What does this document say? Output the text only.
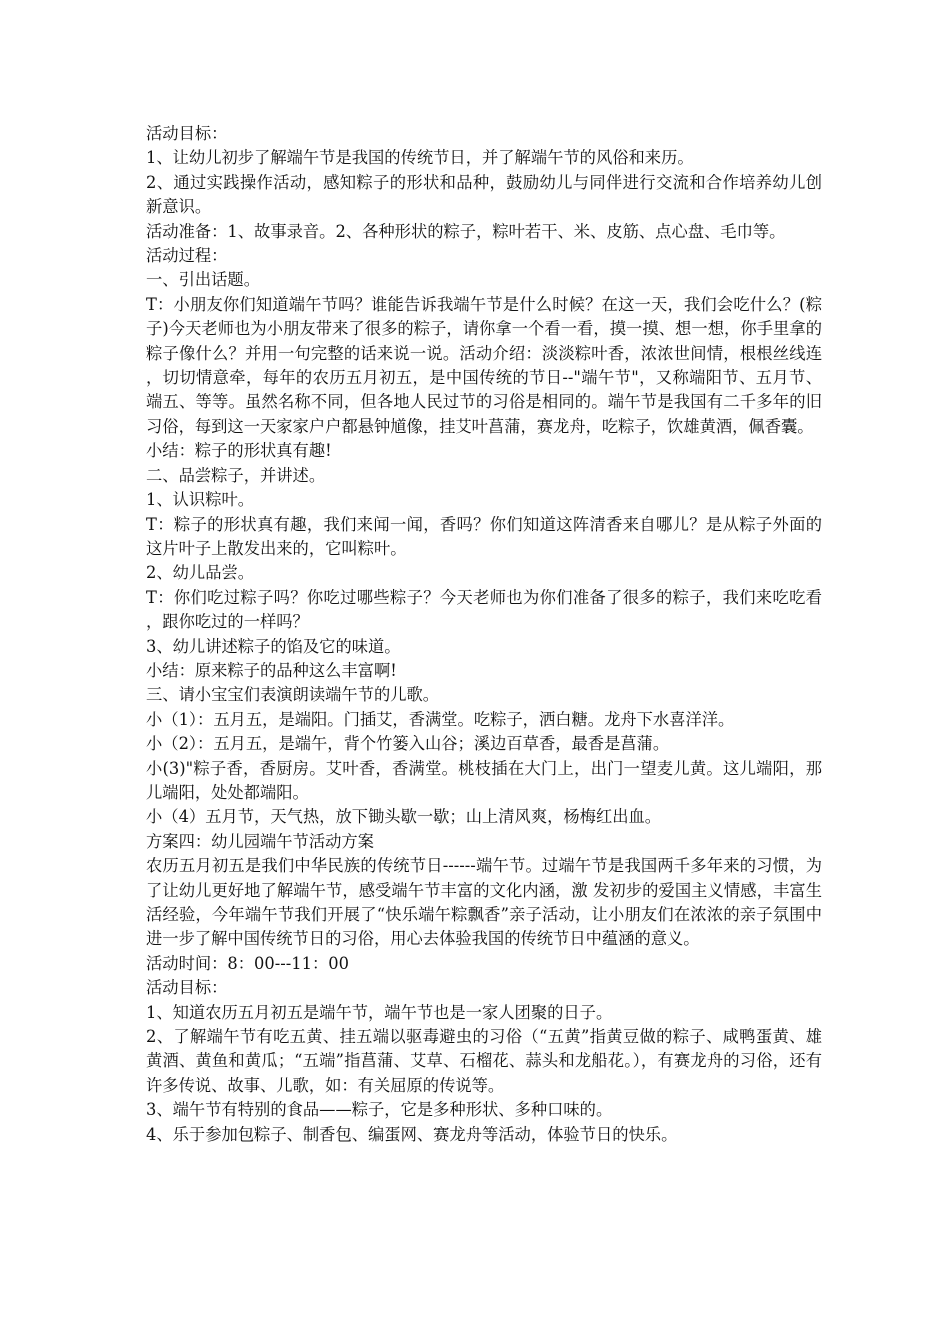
活动目标：

1、让幼儿初步了解端午节是我国的传统节日，并了解端午节的风俗和来历。

2、通过实践操作活动，感知粽子的形状和品种，鼓励幼儿与同伴进行交流和合作培养幼儿创新意识。

活动准备：1、故事录音。2、各种形状的粽子，粽叶若干、米、皮筋、点心盘、毛巾等。

活动过程：

一、引出话题。

T：小朋友你们知道端午节吗？谁能告诉我端午节是什么时候？在这一天，我们会吃什么？(粽子)今天老师也为小朋友带来了很多的粽子，请你拿一个看一看，摸一摸、想一想，你手里拿的粽子像什么？并用一句完整的话来说一说。活动介绍：淡淡粽叶香，浓浓世间情，根根丝线连，切切情意牵，每年的农历五月初五，是中国传统的节日--"端午节"，又称端阳节、五月节、端五、等等。虽然名称不同，但各地人民过节的习俗是相同的。端午节是我国有二千多年的旧习俗，每到这一天家家户户都悬钟馗像，挂艾叶菖蒲，赛龙舟，吃粽子，饮雄黄酒，佩香囊。

小结：粽子的形状真有趣!

二、品尝粽子，并讲述。

1、认识粽叶。

T：粽子的形状真有趣，我们来闻一闻，香吗？你们知道这阵清香来自哪儿？是从粽子外面的这片叶子上散发出来的，它叫粽叶。

2、幼儿品尝。

T：你们吃过粽子吗？你吃过哪些粽子？今天老师也为你们准备了很多的粽子，我们来吃吃看，跟你吃过的一样吗？

3、幼儿讲述粽子的馅及它的味道。

小结：原来粽子的品种这么丰富啊!

三、请小宝宝们表演朗读端午节的儿歌。

小（1）：五月五，是端阳。门插艾，香满堂。吃粽子，洒白糖。龙舟下水喜洋洋。

小（2）：五月五，是端午，背个竹篓入山谷；溪边百草香，最香是菖蒲。

小(3)"粽子香，香厨房。艾叶香，香满堂。桃枝插在大门上，出门一望麦儿黄。这儿端阳，那儿端阳，处处都端阳。

小（4）五月节，天气热，放下锄头歇一歇；山上清风爽，杨梅红出血。

方案四：幼儿园端午节活动方案

农历五月初五是我们中华民族的传统节日------端午节。过端午节是我国两千多年来的习惯，为了让幼儿更好地了解端午节，感受端午节丰富的文化内涵，激 发初步的爱国主义情感，丰富生活经验，今年端午节我们开展了“快乐端午粽飘香”亲子活动，让小朋友们在浓浓的亲子氛围中进一步了解中国传统节日的习俗，用心去体验我国的传统节日中蕴涵的意义。

活动时间：8：00---11：00

活动目标：

1、知道农历五月初五是端午节，端午节也是一家人团聚的日子。

2、了解端午节有吃五黄、挂五端以驱毒避虫的习俗（“五黄”指黄豆做的粽子、咸鸭蛋黄、雄黄酒、黄鱼和黄瓜；“五端”指菖蒲、艾草、石榴花、蒜头和龙船花。），有赛龙舟的习俗，还有许多传说、故事、儿歌，如：有关屈原的传说等。

3、端午节有特别的食品——粽子，它是多种形状、多种口味的。

4、乐于参加包粽子、制香包、编蛋网、赛龙舟等活动，体验节日的快乐。
